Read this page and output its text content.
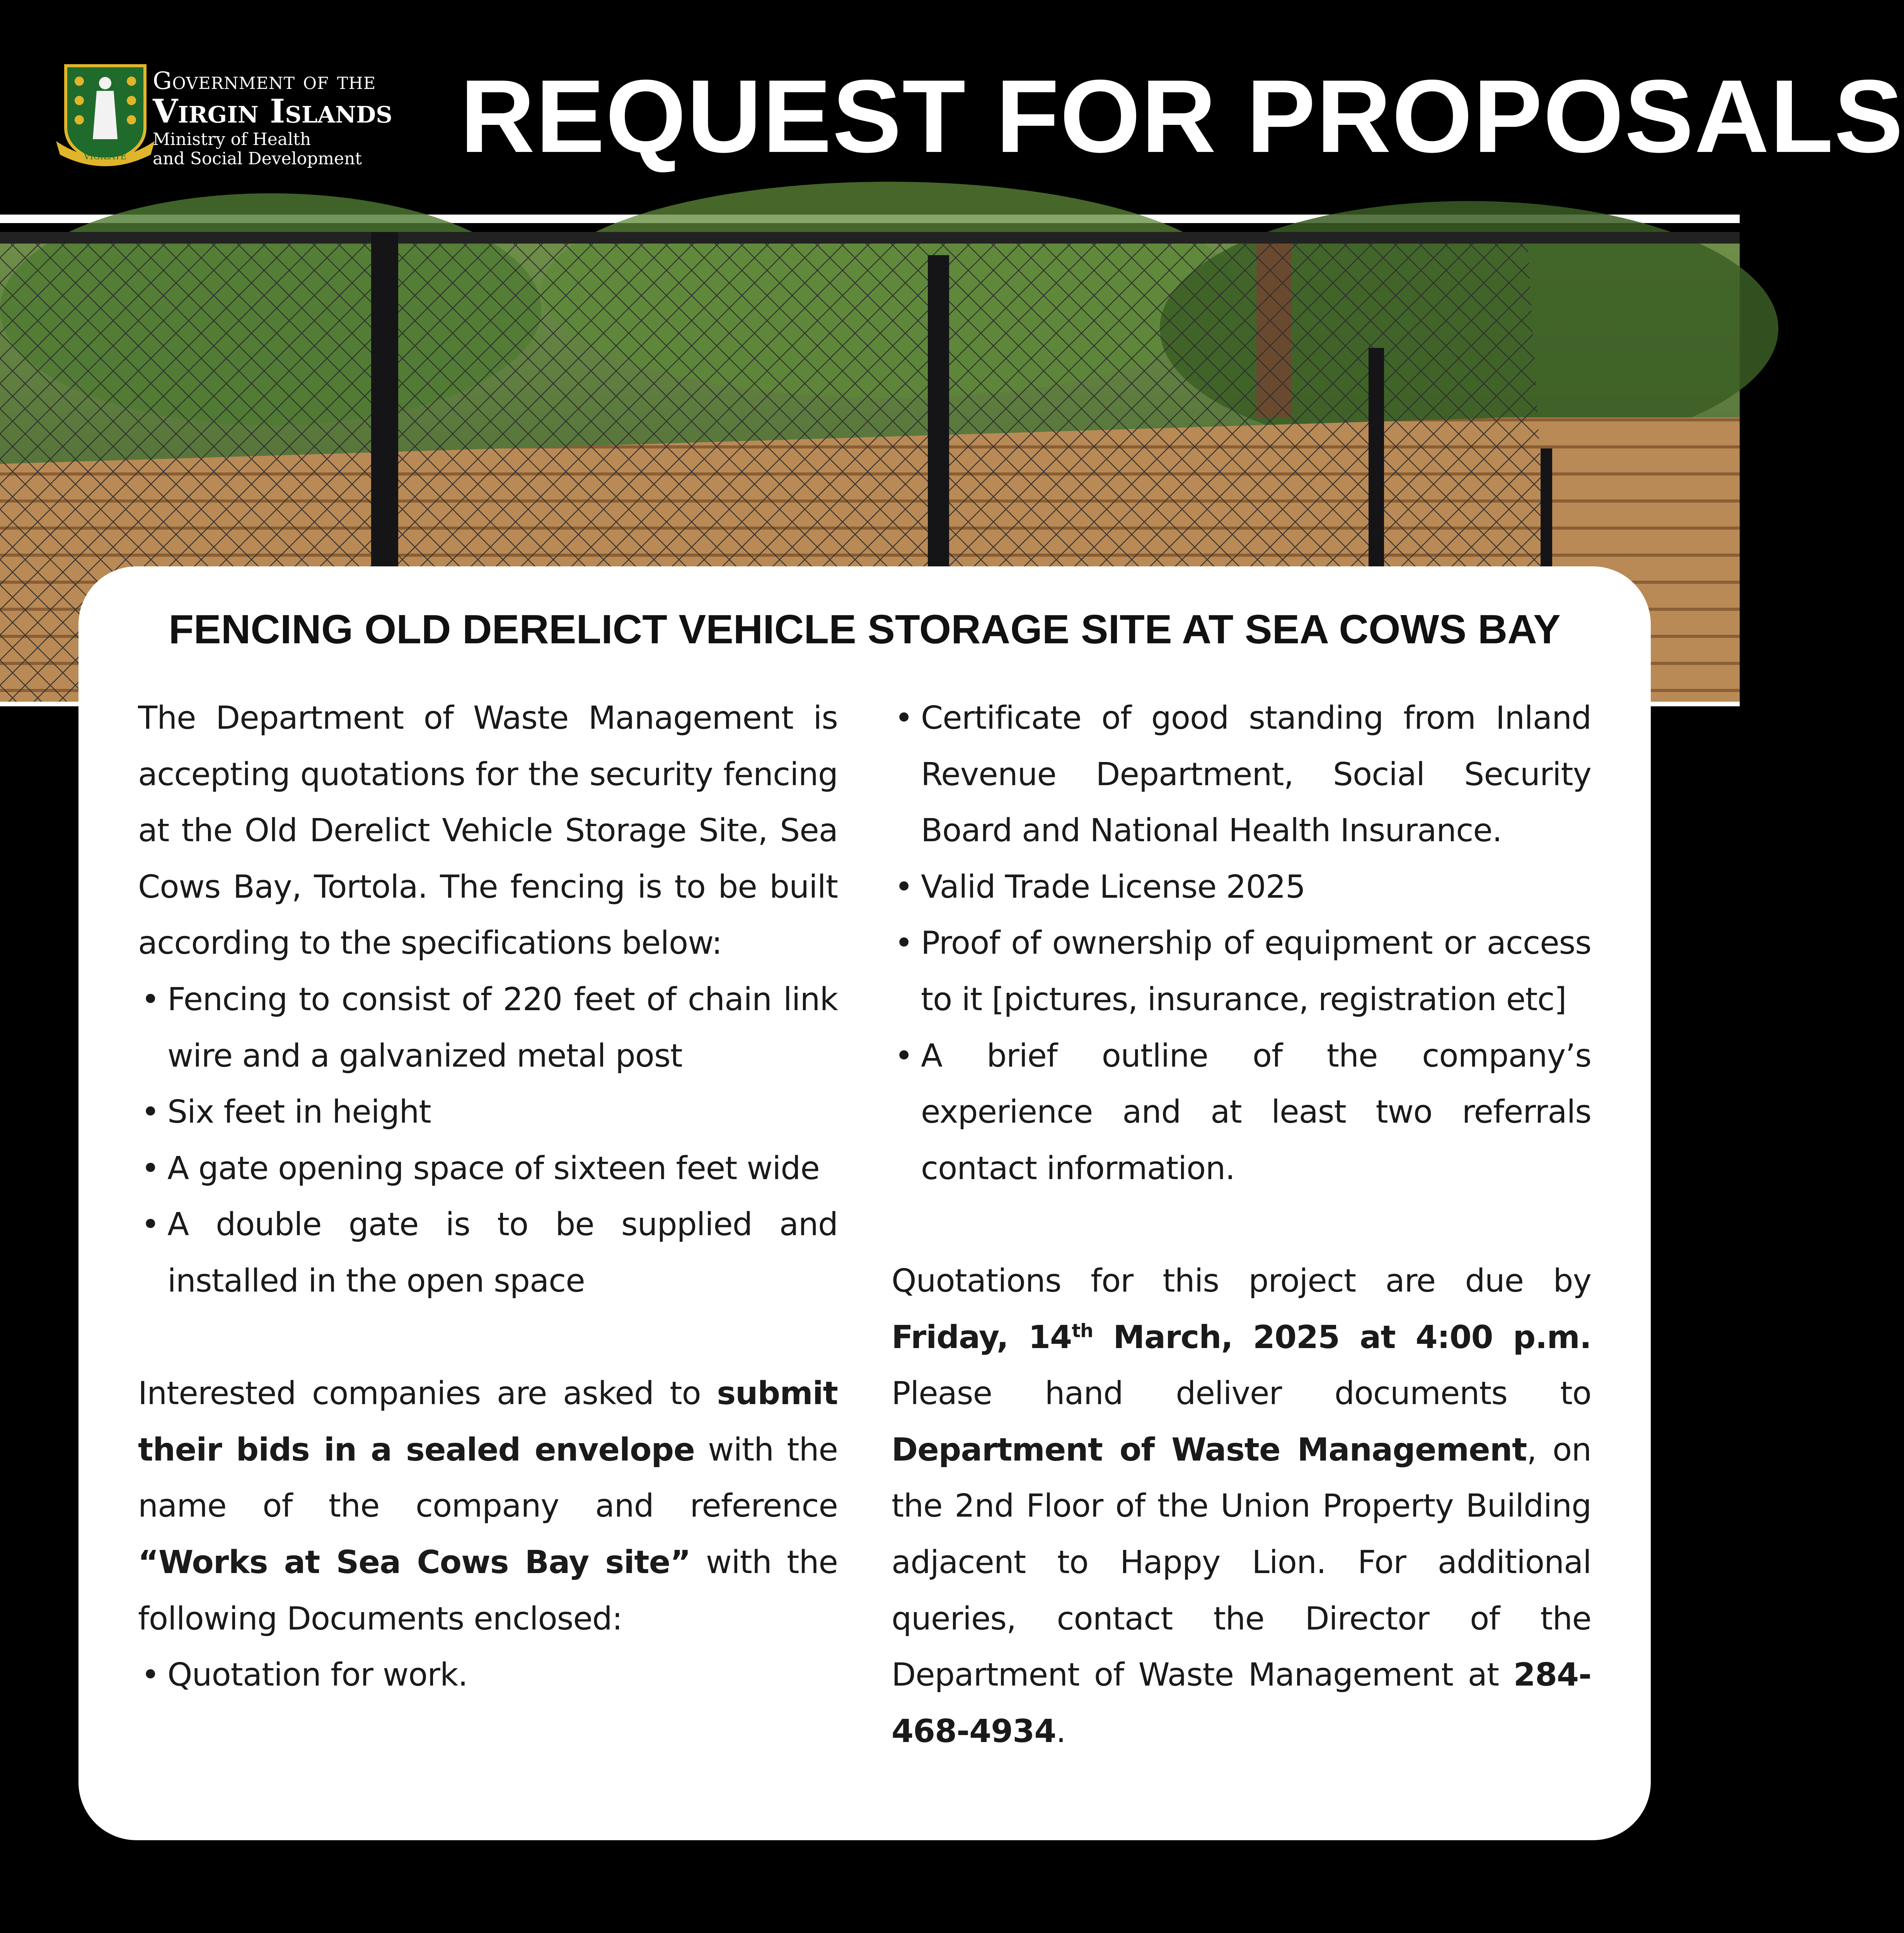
VIGILATE
Government of the
Virgin Islands
Ministry of Health
and Social Development REQUEST FOR PROPOSALS
FENCING OLD DERELICT VEHICLE STORAGE SITE AT SEA COWS BAY

The Department of Waste Management is accepting quotations for the security fencing at the Old Derelict Vehicle Storage Site, Sea Cows Bay, Tortola. The fencing is to be built according to the specifications below:

• Fencing to consist of 220 feet of chain link wire and a galvanized metal post
• Six feet in height
• A gate opening space of sixteen feet wide
• A double gate is to be supplied and installed in the open space

Interested companies are asked to submit their bids in a sealed envelope with the name of the company and reference “Works at Sea Cows Bay site” with the following Documents enclosed:

• Quotation for work.
• Certificate of good standing from Inland Revenue Department, Social Security Board and National Health Insurance.
• Valid Trade License 2025
• Proof of ownership of equipment or access to it [pictures, insurance, registration etc]
• A brief outline of the company’s experience and at least two referrals contact information.

Quotations for this project are due by Friday, 14th March, 2025 at 4:00 p.m. Please hand deliver documents to Department of Waste Management, on the 2nd Floor of the Union Property Building adjacent to Happy Lion. For additional queries, contact the Director of the Department of Waste Management at 284-468-4934.
